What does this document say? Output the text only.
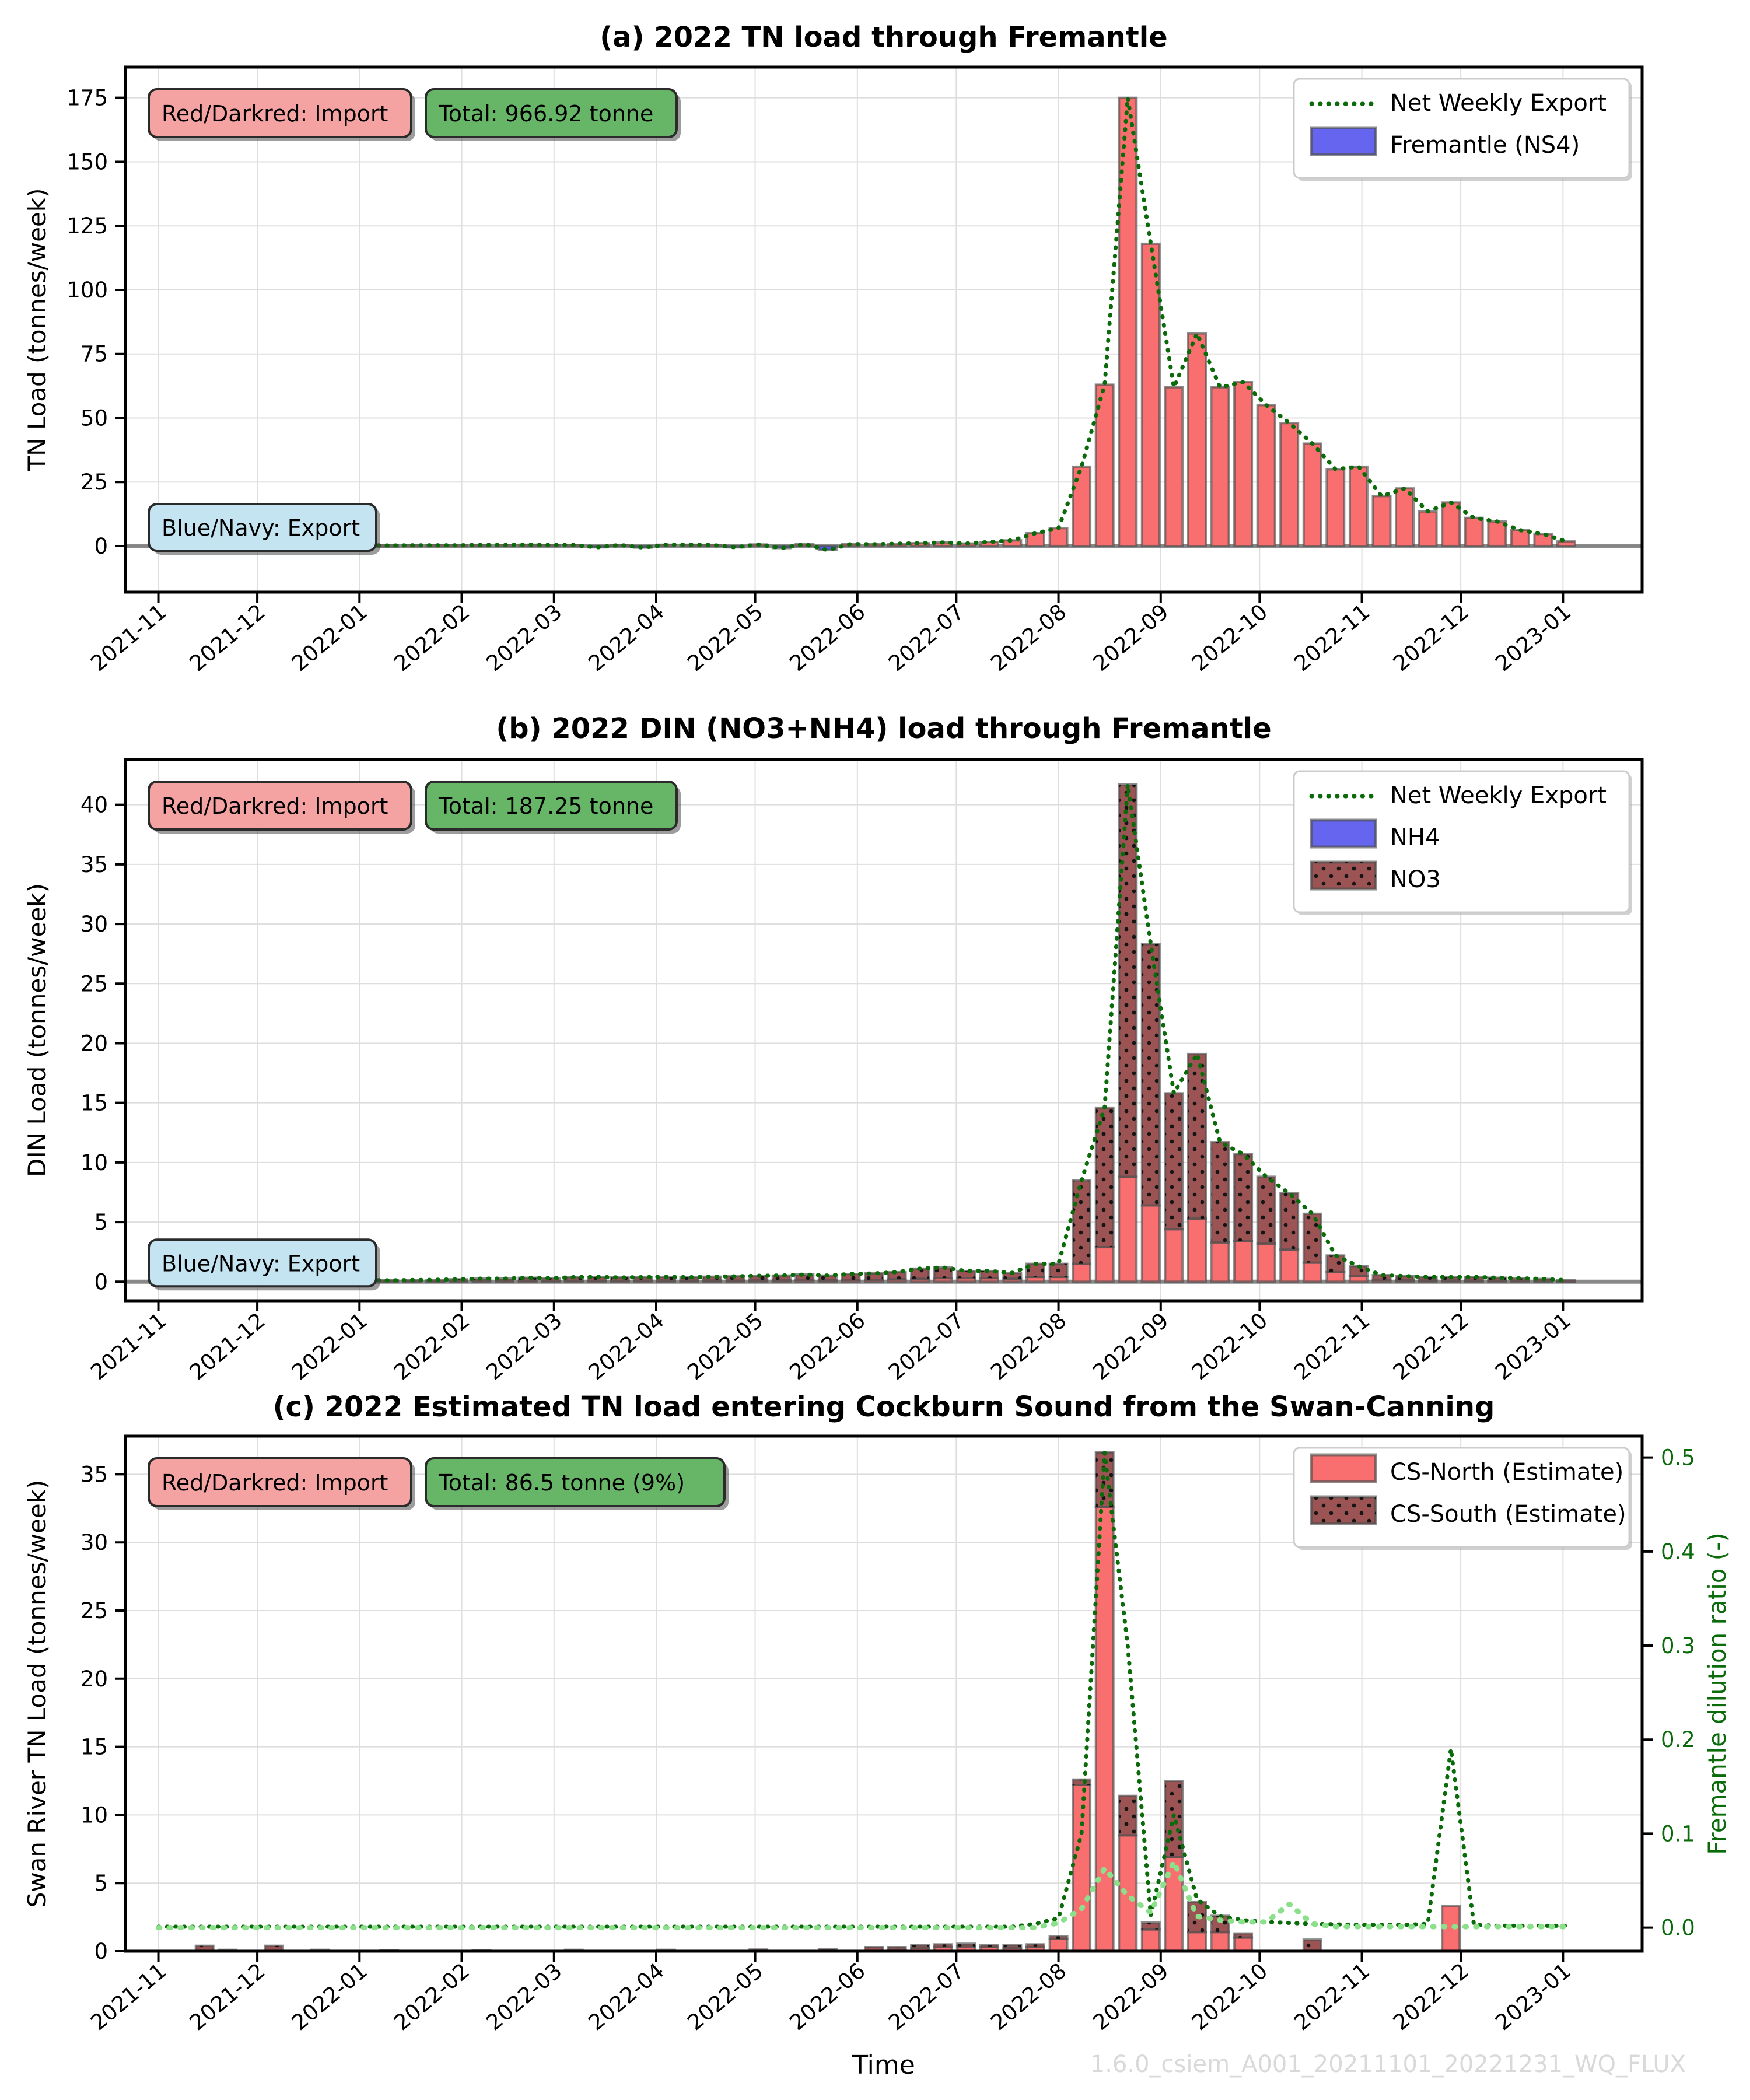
(a) 2022 TN load through Fremantle
2021-11 2021-12 2022-01 2022-02 2022-03 2022-04 2022-05 2022-06 2022-07 2022-08 2022-09 2022-10 2022-11 2022-12 2023-01
0
25
50
75
100
125
150
175
TN Load (tonnes/week)
Red/Darkred: Import Total: 966.92 tonne
Blue/Navy: Export
Net Weekly Export
Fremantle (NS4)
(b) 2022 DIN (NO3+NH4) load through Fremantle
2021-11 2021-12 2022-01 2022-02 2022-03 2022-04 2022-05 2022-06 2022-07 2022-08 2022-09 2022-10 2022-11 2022-12 2023-01
0
5
10
15
20
25
30
35
40
DIN Load (tonnes/week)
Red/Darkred: Import Total: 187.25 tonne
Blue/Navy: Export
Net Weekly Export
NH4
NO3
(c) 2022 Estimated TN load entering Cockburn Sound from the Swan-Canning
2021-11 2021-12 2022-01 2022-02 2022-03 2022-04 2022-05 2022-06 2022-07 2022-08 2022-09 2022-10 2022-11 2022-12 2023-01
0
5
10
15
20
25
30
35
Swan River TN Load (tonnes/week)
0.0
0.1
0.2
0.3
0.4
0.5
Fremantle dilution ratio (-)
Red/Darkred: Import Total: 86.5 tonne (9%)	CS-North (Estimate)
CS-South (Estimate)
Time	1.6.0_csiem_A001_20211101_20221231_WQ_FLUX
